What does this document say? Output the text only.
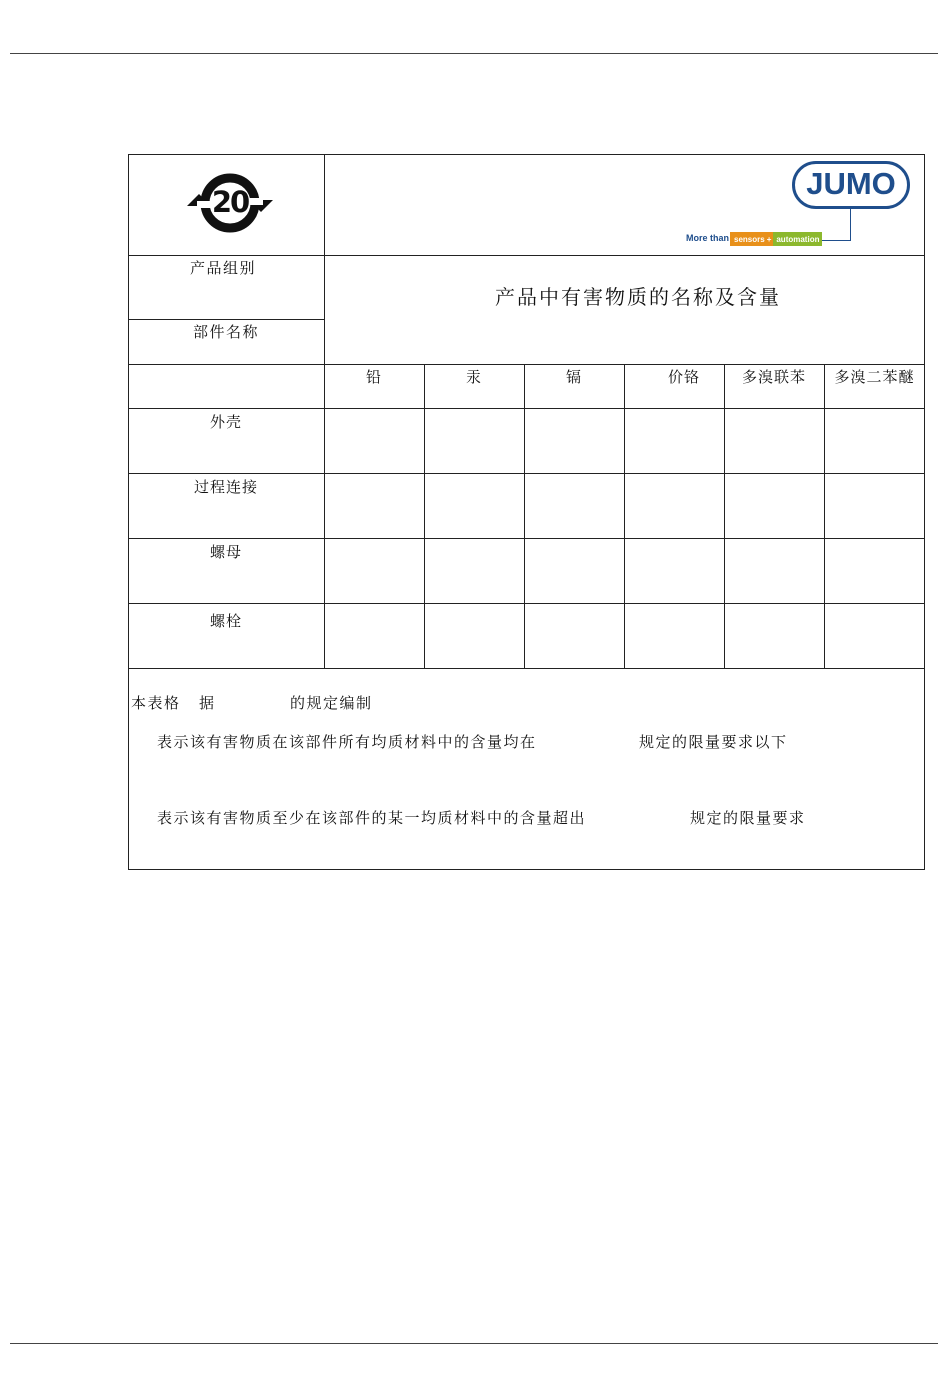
20
JUMO
More than sensors + automation
产品组别
部件名称
产品中有害物质的名称及含量
铅	汞	镉	价铬	多溴联苯	多溴二苯醚
外壳
过程连接
螺母
螺栓
本表格 据	的规定编制
表示该有害物质在该部件所有均质材料中的含量均在	规定的限量要求以下
表示该有害物质至少在该部件的某一均质材料中的含量超出	规定的限量要求
